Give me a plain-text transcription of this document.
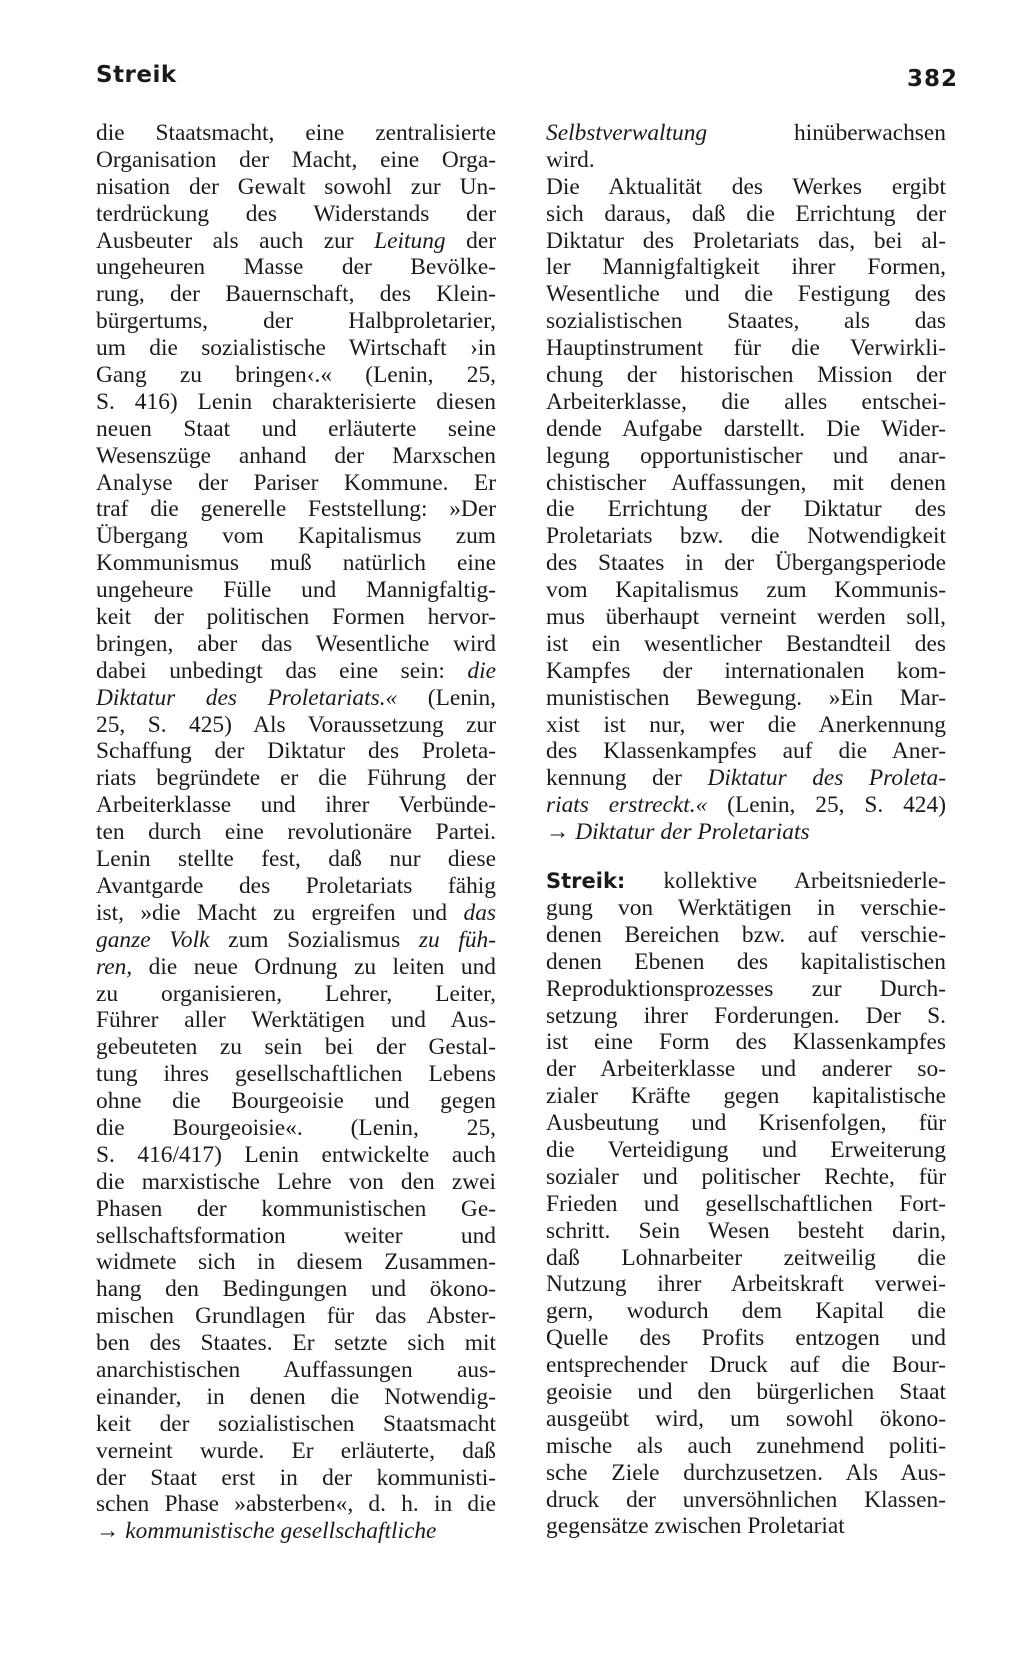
Streik	382
die Staatsmacht, eine zentralisierte
Organisation der Macht, eine Orga-
nisation der Gewalt sowohl zur Un-
terdrückung des Widerstands der
Ausbeuter als auch zur Leitung der
ungeheuren Masse der Bevölke-
rung, der Bauernschaft, des Klein-
bürgertums, der Halbproletarier,
um die sozialistische Wirtschaft ›in
Gang zu bringen‹.« (Lenin, 25,
S. 416) Lenin charakterisierte diesen
neuen Staat und erläuterte seine
Wesenszüge anhand der Marxschen
Analyse der Pariser Kommune. Er
traf die generelle Feststellung: »Der
Übergang vom Kapitalismus zum
Kommunismus muß natürlich eine
ungeheure Fülle und Mannigfaltig-
keit der politischen Formen hervor-
bringen, aber das Wesentliche wird
dabei unbedingt das eine sein: die
Diktatur des Proletariats.« (Lenin,
25, S. 425) Als Voraussetzung zur
Schaffung der Diktatur des Proleta-
riats begründete er die Führung der
Arbeiterklasse und ihrer Verbünde-
ten durch eine revolutionäre Partei.
Lenin stellte fest, daß nur diese
Avantgarde des Proletariats fähig
ist, »die Macht zu ergreifen und das
ganze Volk zum Sozialismus zu füh-
ren, die neue Ordnung zu leiten und
zu organisieren, Lehrer, Leiter,
Führer aller Werktätigen und Aus-
gebeuteten zu sein bei der Gestal-
tung ihres gesellschaftlichen Lebens
ohne die Bourgeoisie und gegen
die Bourgeoisie«. (Lenin, 25,
S. 416/417) Lenin entwickelte auch
die marxistische Lehre von den zwei
Phasen der kommunistischen Ge-
sellschaftsformation weiter und
widmete sich in diesem Zusammen-
hang den Bedingungen und ökono-
mischen Grundlagen für das Abster-
ben des Staates. Er setzte sich mit
anarchistischen Auffassungen aus-
einander, in denen die Notwendig-
keit der sozialistischen Staatsmacht
verneint wurde. Er erläuterte, daß
der Staat erst in der kommunisti-
schen Phase »absterben«, d. h. in die
→ kommunistische gesellschaftliche
Selbstverwaltung hinüberwachsen
wird.
Die Aktualität des Werkes ergibt
sich daraus, daß die Errichtung der
Diktatur des Proletariats das, bei al-
ler Mannigfaltigkeit ihrer Formen,
Wesentliche und die Festigung des
sozialistischen Staates, als das
Hauptinstrument für die Verwirkli-
chung der historischen Mission der
Arbeiterklasse, die alles entschei-
dende Aufgabe darstellt. Die Wider-
legung opportunistischer und anar-
chistischer Auffassungen, mit denen
die Errichtung der Diktatur des
Proletariats bzw. die Notwendigkeit
des Staates in der Übergangsperiode
vom Kapitalismus zum Kommunis-
mus überhaupt verneint werden soll,
ist ein wesentlicher Bestandteil des
Kampfes der internationalen kom-
munistischen Bewegung. »Ein Mar-
xist ist nur, wer die Anerkennung
des Klassenkampfes auf die Aner-
kennung der Diktatur des Proleta-
riats erstreckt.« (Lenin, 25, S. 424)
→ Diktatur der Proletariats
Streik: kollektive Arbeitsniederle-
gung von Werktätigen in verschie-
denen Bereichen bzw. auf verschie-
denen Ebenen des kapitalistischen
Reproduktionsprozesses zur Durch-
setzung ihrer Forderungen. Der S.
ist eine Form des Klassenkampfes
der Arbeiterklasse und anderer so-
zialer Kräfte gegen kapitalistische
Ausbeutung und Krisenfolgen, für
die Verteidigung und Erweiterung
sozialer und politischer Rechte, für
Frieden und gesellschaftlichen Fort-
schritt. Sein Wesen besteht darin,
daß Lohnarbeiter zeitweilig die
Nutzung ihrer Arbeitskraft verwei-
gern, wodurch dem Kapital die
Quelle des Profits entzogen und
entsprechender Druck auf die Bour-
geoisie und den bürgerlichen Staat
ausgeübt wird, um sowohl ökono-
mische als auch zunehmend politi-
sche Ziele durchzusetzen. Als Aus-
druck der unversöhnlichen Klassen-
gegensätze zwischen Proletariat
